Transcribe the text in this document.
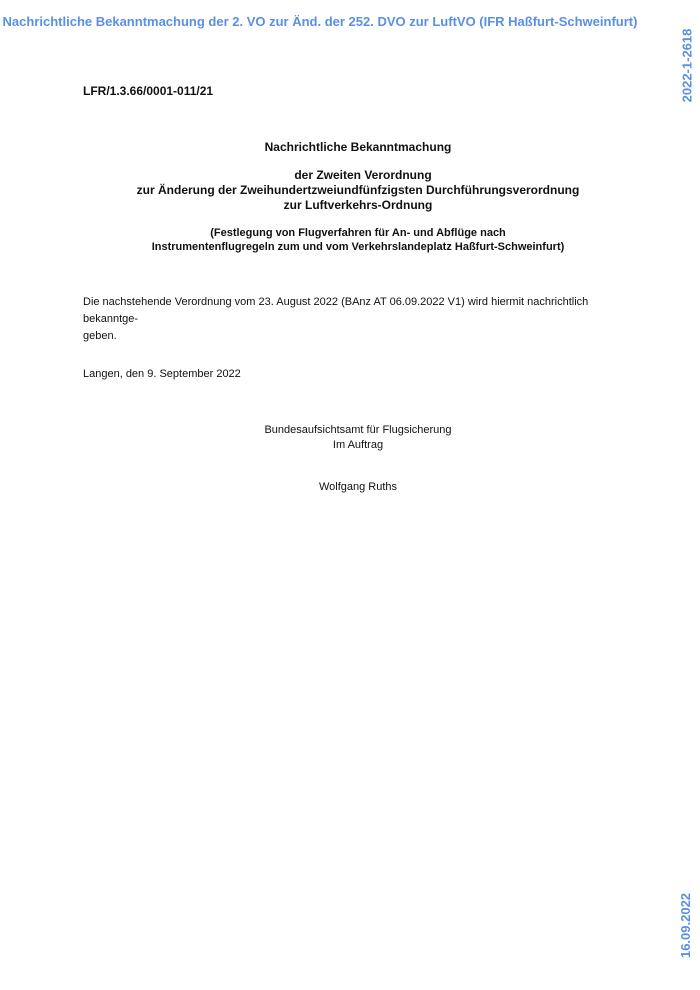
Nachrichtliche Bekanntmachung der 2. VO zur Änd. der 252. DVO zur LuftVO (IFR Haßfurt-Schweinfurt)
2022-1-2618
16.09.2022
LFR/1.3.66/0001-011/21
Nachrichtliche Bekanntmachung
der Zweiten Verordnung
zur Änderung der Zweihundertzweiundfünfzigsten Durchführungsverordnung
zur Luftverkehrs-Ordnung
(Festlegung von Flugverfahren für An- und Abflüge nach
Instrumentenflugregeln zum und vom Verkehrslandeplatz Haßfurt-Schweinfurt)
Die nachstehende Verordnung vom 23. August 2022 (BAnz AT 06.09.2022 V1) wird hiermit nachrichtlich bekanntge-
geben.
Langen, den 9. September 2022
Bundesaufsichtsamt für Flugsicherung
Im Auftrag
Wolfgang Ruths
